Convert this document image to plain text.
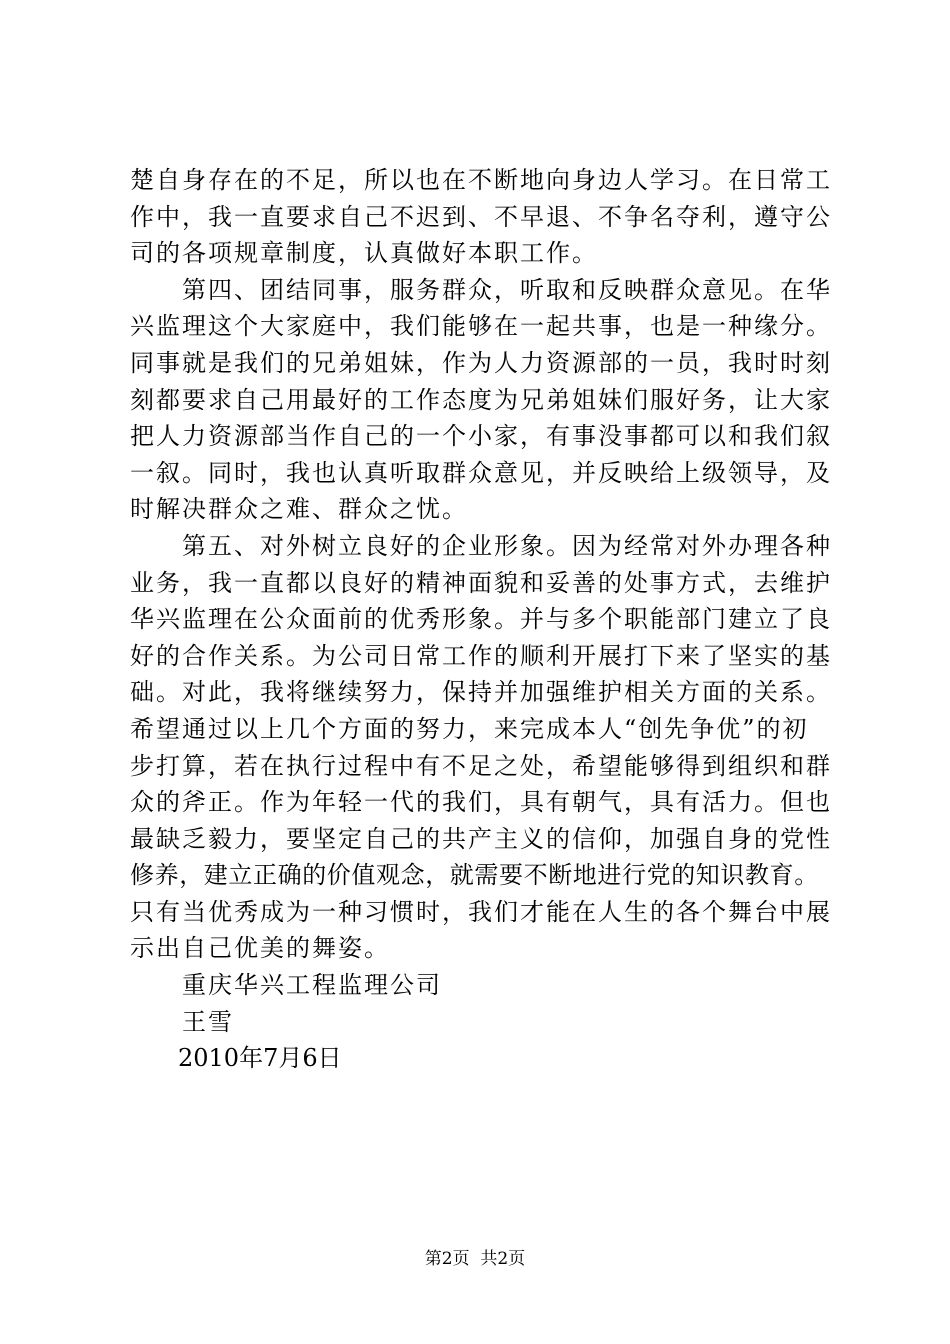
楚自身存在的不足，所以也在不断地向身边人学习。在日常工
作中，我一直要求自己不迟到、不早退、不争名夺利，遵守公
司的各项规章制度，认真做好本职工作。
　　第四、团结同事，服务群众，听取和反映群众意见。在华
兴监理这个大家庭中，我们能够在一起共事，也是一种缘分。
同事就是我们的兄弟姐妹，作为人力资源部的一员，我时时刻
刻都要求自己用最好的工作态度为兄弟姐妹们服好务，让大家
把人力资源部当作自己的一个小家，有事没事都可以和我们叙
一叙。同时，我也认真听取群众意见，并反映给上级领导，及
时解决群众之难、群众之忧。
　　第五、对外树立良好的企业形象。因为经常对外办理各种
业务，我一直都以良好的精神面貌和妥善的处事方式，去维护
华兴监理在公众面前的优秀形象。并与多个职能部门建立了良
好的合作关系。为公司日常工作的顺利开展打下来了坚实的基
础。对此，我将继续努力，保持并加强维护相关方面的关系。
希望通过以上几个方面的努力，来完成本人“创先争优”的初
步打算，若在执行过程中有不足之处，希望能够得到组织和群
众的斧正。作为年轻一代的我们，具有朝气，具有活力。但也
最缺乏毅力，要坚定自己的共产主义的信仰，加强自身的党性
修养，建立正确的价值观念，就需要不断地进行党的知识教育。
只有当优秀成为一种习惯时，我们才能在人生的各个舞台中展
示出自己优美的舞姿。
　　重庆华兴工程监理公司
　　王雪
　　2010年7月6日
第2页  共2页
